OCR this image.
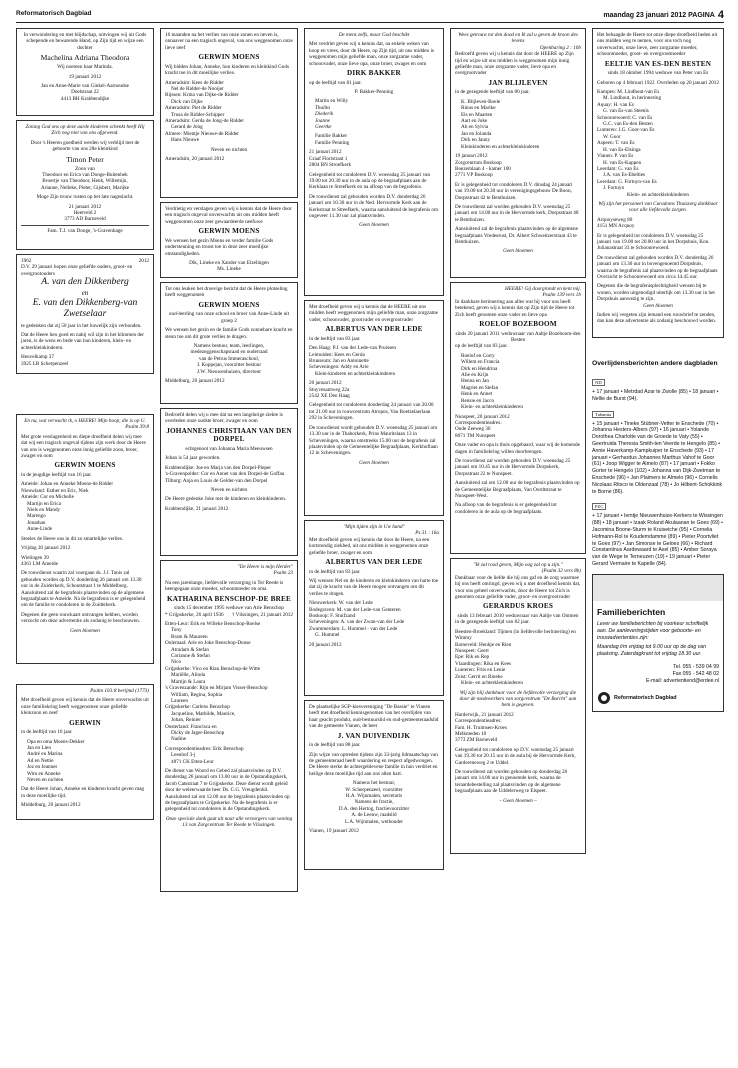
Reformatorisch Dagblad	maandag 23 januari 2012 PAGINA 4
In verwondering en met blijdschap, ontvingen wij uit Gods schepende en bewarende Hand, op Zijn tijd en wijze een dochter
Machelina Adriana Theodora
Wij noemen haar Marinda.
19 januari 2012
Jan en Anne-Marie van Ginkel-Aarnoudse
Doelstraat 22
4413 BH Krabbendijke
Zolang God ons op deze aarde kinderen schenkt heeft Hij Zich nog niet van ons afgewend.
Door 's Heeren goedheid werden wij verblijd met de geboorte van ons 28e kleinkind
Timon Peter
Zoon van
Theodoor en Erica van Donge-Buitenhek
Broertje van Theodoor, Henk, Willemijn,
Arianne, Nelleke, Pieter, Gijsbert, Marijke
Moge Zijn trouw rusten op het late nageslacht.
21 januari 2012
Heetveld 2
3773 AD Barneveld
Fam. T.J. van Donge, 's-Gravenhage
1962	2012
D.V. 29 januari hopen onze geliefde ouders, groot- en overgrootouders
A. van den Dikkenberg
en
E. van den Dikkenberg-van Zwetselaar
te gedenken dat zij 50 jaar in het huwelijk zijn verbonden.
Dat de Heere hen goed en nabij wil zijn in het klimmen der jaren, is de wens en bede van hun kinderen, klein- en achterkleinkinderen.
Heuvelkamp 37
3925 LB Scherpenzeel
En nu, wat verwacht ik, o HEERE! Mijn hoop, die is op U.
Psalm 39:8
Met grote verslagenheid en diepe droefheid delen wij mee dat wij een tragisch ongeval tijdens zijn werk door de Heere van ons is weggenomen onze innig geliefde zoon, broer, zwager en oom
GERWIN MOENS
in de jeugdige leeftijd van 16 jaar.
Ameide: Johan en Anneke Moens-de Ridder
Nieuwland: Esther en Eric, Niek
Ameide: Cor en Michelle
Martijn en Erica
Niels en Mandy
Marengo
Jonathan
Anne-Linde
Steeles de Heere ons in dit zo smartelijke verlies.
Vrijdag 20 januari 2012
Wielingen 39
4361 LM Ameide
De rouwdienst waarin zal voorgaan ds. J.J. Tanis zal gehouden worden op D.V. donderdag 26 januari om 13.30 uur in de Zuiderkerk, Schoutstraat 1 te Middelburg. Aansluitend zal de begrafenis plaatsvinden op de algemene begraafplaats te Ameide. Na de begrafenis is er gelegenheid om de familie te condoleren in de Zuiderkerk.
Degenen die geen rouwkaart ontvangen hebben, worden verzocht om deze advertentie als zodanig te beschouwen.
Geen bloemen
Psalm 103:8 berijmd (1773)
Met droefheid geven wij kennis dat de Heere onverwachts uit onze familiekring heeft weggenomen onze geliefde kleinzoon en neef
GERWIN
in de leeftijd van 16 jaar.
Opa en oma Moens-Dekker
Jan en Lien
André en Marina
Ad en Nettie
Joz en Jeannet
Wim en Anneke
Neven en nichten
Dat de Heere Johan, Anneke en kinderen kracht geven mag in deze moeilijke tijd.
Middelburg, 20 januari 2012
16 maanden na het verlies van onze zonen en neven is, onnaaver na een tragisch ongeval, van ons weggenomen onze lieve neef
GERWIN MOENS
Wij bidden Johan, Anneke, hun kinderen en kleinkind Gods kracht toe in dit moeilijke verlies.
Ameradsim: Kees de Ridder
Nel de Ridder-de Nooijer
Rijssen: Krina van Dijke-de Ridder
Dick van Dijke
Ameradsim: Piet de Ridder
Trusa de Ridder-Schipper
Ameradsim: Gerda de Jong-de Ridder
Gerard de Jong
Almere: Mientje Nieuwe-de Ridder
Hans Nieuwe
Neven en nichten
Ameradsim, 20 januari 2012
Verdrietig en verslagen geven wij u kennis dat de Heere door een tragisch ongeval onverwachts uit ons midden heeft weggenomen onze zeer gewaardeerde neefuwe
GERWIN MOENS
We wensen het gezin Moens en verder familie Gods ondersteuning en troost toe in deze zeer moeilijke omstandigheden.
Dik, Lineke en Xander van Elzelingen
Ms. Lineke
Tot ons leuken het droevige bericht dat de Heere plotseling heeft weggenomen
GERWIN MOENS
oud-leerling van onze school en broer van Anne-Linde uit groep 2
We wensen het gezin en de familie Gods zonnebare kracht en steun toe om dit grote verlies te dragen.
Namens bestuur, team, leerlingen,
medezeggenschapsraad en ouderraad
van de Petrus Immeraschool,
J. Koppejan, voorzitter bestuur
J.W. Nieuwenhuizen, directeur
Middelburg, 20 januari 2012
Bedroefd delen wij u mee dat na een langdurige ziekte is overleden onze oudste broer, zwager en oom
JOHANNES CHRISTIAAN VAN DEN DORPEL
echtgenoot van Johanna Maria Meeuwsen
Johan is 54 jaar geworden.
Krabbendijke: Joe en Marja van den Dorpel-Pieper
's-Gravenpolder: Cor en Annet van den Dorpel-de Goffau
Tilburg: Anja en Louis de Gelder-van den Dorpel
Neven en nichten
De Heere gedenke Joke met de kinderen en kleinkinderen.
Krabbendijke, 21 januari 2012
"De Heere is mijn Herder"
Psalm 23
Na een jarenlange, liefdevolle verzorging in Ter Reede is heengegaan onze moeder, schoonmoeder en oma
KATHARINA BENSCHOP-DE BREE
sinds 15 december 1995 weduwe van Arie Benschop
* Grijpskerke, 26 april 1936 † Vlissingen, 21 januari 2012
Etten-Leur: Erik en Willeke Benschop-Roelse
Tony
Bram & Maureen
Oolemaal: Arie en Joke Benschop-Donse
Atradam & Stefan
Corianne & Stefan
Nico
Grijpskerke: Vico en Rian Benschop-de Witte
Mariëlle, Alinda
Martijn & Laura
's Gravenzande: Rijn en Mirjam Visser-Benschop
William, Regina, Sophia
Laureen
Grijpskerke: Carlens Benschop
Jacqueline, Mathilde, Maurice,
Johan, Reinier
Oosterland: Francisca en
Dicky de Jager-Benschop
Nadine
Correspondentieadres: Erik Benschop
Leeuhof 3-j
4871 CK Etten-Leur
De dienst van Woord en Gebed zal plaatsvinden op D.V. donderdag 26 januari om 13.00 uur in de Opstandingskerk, Jacob Catsstraat 7 te Grijpskerke. Deze dienst wordt geleid door de weleerwaarde heer Ds. C.G. Vreugdenhil. Aansluitend zal om 12.00 uur de begrafenis plaatsvinden op de begraafplaats te Grijpskerke. Na de begrafenis is er gelegenheid tot condoleren in de Opstandingskerk.
Onze speciale dank gaat uit naar alle verzorgers van woning 13 van Zorgcentrum Ter Reede te Vlissingen.
De mens zelfs, maar God beschikt
Met verdriet geven wij u kennis dat, na enkele weken van hoop en vrees, door de Heere, op Zijn tijd, uit ons midden is weggenomen mijn geliefde man, onze zorgzame vader, schoonvader, onze lieve opa, onze broer, zwager en oom
DIRK BAKKER
op de leeftijd van 81 jaar.
P. Bakker-Penning
Martin en Willy
Thalita
Diederik
Joanne
Geertke
Familie Bakker
Familie Penning
21 januari 2012
Graaf Floristraat 1
2804 BN Stroefkerk
Gelegenheid tot condoleren D.V. woensdag 25 januari van 19.00 tot 20.30 uur in de aula op de begraafplaats aan de Kerklaan te Streefkerk en na afloop van de begrafenis.
De rouwdienst zal gehouden worden D.V. donderdag 26 januari om 10.30 uur in de Ned. Hervormde Kerk aan de Kerkstraat te Streefkerk, waarna aansluitend de begrafenis om ongeveer 11.30 uur zal plaatsvinden.
Geen bloemen
Met droefheid geven wij u kennis dat de HEERE uit ons midden heeft weggenomen mijn geliefde man, onze zorgzame vader, schoonvader, grootvader en overgrootvader
ALBERTUS VAN DER LEDE
in de leeftijd van 83 jaar.
Den Haag: P.J. van der Lede-van Pruissen
Leimuiden: Kees en Gerda
Brunssum: Jan en Antoinette
Scheveningen: Addy en Arie
Klein-kinderen en achterkleinkinderen
20 januari 2012
Stuyvesantweg 22a
2542 XE Den Haag
Gelegenheid tot condoleren donderdag 24 januari van 20.00 tot 21.00 uur in rouwcentrum Atropos, Van Boetzelaerlaan 292 in Scheveningen.
De rouwdienst wordt gehouden D.V. woensdag 25 januari om 13.30 uur in de Thaborkerk, Prins Mauritslaan 13 in Scheveningen, waarna omstreeks 15.00 uur de begrafenis zal plaatsvinden op de Gemeentelijke Begraafplaats, Kerkhoflaan 12 in Scheveningen.
Geen bloemen
"Mijn tijden zijn in Uw hand"
Ps 31 : 16a
Met droefheid geven wij kennis dat door de Heere, na een kortstondig ziekbed, uit ons midden is weggenomen onze geliefde broer, zwager en oom
ALBERTUS VAN DER LEDE
in de leeftijd van 83 jaar.
Wij wensen Nel en de kinderen en kleinkinderen van harte toe dat zij de kracht van de Heere mogen ontvangen om dit verlies te dragen.
Nieuwerkerk: W. van der Lede
Bodegraven: M. van der Lede-van Genteren
Boskoop: F. Stuifzand
Scheveningen: A. van der Zwan-van der Lede
Zwammerdam: L. Hummel - van der Lede
G. Hummel
20 januari 2012
De plaatselijke SGP-kiesvereniging "De Bassie" te Vianen heeft met droefheid kennisgenomen van het overlijden van haar geacht produkt, oud-bestuurslid en oud-gemeenteraadslid van de gemeente Vianen, de heer
J. VAN DUIVENDIJK
in de leeftijd van 88 jaar.
Zijn wijze van optreden tijdens zijn 33-jarig lidmaatschap van de gemeenteraad heeft waardering en respect afgedwongen. De Heere sterke de achtergeblevene familie in hun verdriet en heilige deze moeilijke tijd aan ons allen hart.
Namens het bestuur,
W. Scherpenzeel, voorzitter
H.A. Wijnmalen, secretaris
Namens de fractie,
D.A. den Hertog, fractievoorzitter
A. de Leeuw, raadslid
L.A. Wijnmalen, wethouder
Vianen, 19 januari 2012
Wees getrouw tot den dood en Ik zal u geven de kroon des levens
Openbaring 2 : 10b
Bedroefd geven wij u kennis dat door de HEERE op Zijn tijd en wijze uit ons midden is weggenomen mijn innig geliefde man, onze zorgzame vader, lieve opa en overgrootvader
JAN BLIJLEVEN
in de gezegende leeftijd van 80 jaar.
K. Blijleven-Boele
Rinus en Marike
Els en Maarten
Aart en Joke
Ab en Sylvia
Jan en Jolanda
Dirk en Janny
Kleinkinderen en achterkleinkinderen
19 januari 2012
Zorgcentrum Boskoop
Boezemlaan 4 - kamer 100
2771 VP Boskoop
Er is gelegenheid tot condoleren D.V. dinsdag 24 januari van 19.00 tot 20.30 uur in verenigingsgebouw De Boon, Dorpsstraat 42 te Benthuizen.
De rouwdienst zal worden gehouden D.V. woensdag 25 januari om 14.00 uur in de Hervormde kerk, Dorpsstraat 48 te Benthuizen.
Aansluitend zal de begrafenis plaatsvinden op de algemene begraafplaats Vredeerust, Dr. Albert Schweitzerstraat 43 te Benthuizen.
Geen bloemen
HEERE! Gij doorgrondt en kent mij.
Psalm 139 vers 1b
In dankbare herinnering aan alles wat hij voor ons heeft betekend, geven wij u kennis dat op Zijn tijd de Heere tot Zich heeft genomen onze vader en lieve opa
ROELOF BOZEBOOM
sinds 20 januari 2011 weduwnaar van Aaltje Bozeboom-den Besten
op de leeftijd van 83 jaar.
Roelof en Corry
Willem en Francia
Dirk en Hendrina
Alie en Krijn
Henna en Jan
Magriet en Stefan
Henk en Annet
Rensie en Jacco
Klein- en achterkleinkinderen
Nunspeet, 20 januari 2012
Correspondentieadres:
Oude Zeeweg 30
8071 TM Nunspeet
Onze vader en opa is thuis opgebaard, waar wij de komende dagen in familiekring willen doorbrengen.
De rouwdienst zal worden gehouden D.V. woensdag 25 januari om 10.45 uur in de Hervormde Dorpskerk, Dorpsstraat 22 te Nunspeet.
Aansluitend zal om 12.00 uur de begrafenis plaatsvinden op de Gemeentelijke Begraafplaats, Van Oordtstraat te Nunspeet-West.
Na afloop van de begrafenis is er gelegenheid tot condoleren in de aula op de begraafplaats.
"Ik zal rood geven, Mijn oog zal op u zijn."
(Psalm 32 vers 8b)
Dankbaar voor de liefde die hij ons gaf en de zorg waarmee hij ons heeft omringd, geven wij u met droefheid kennis dat, voor ons geheel onverwachts, door de Heere tot Zich is genomen onze geliefde vader, groot- en overgrootvader
GERARDUS KROES
sinds 13 februari 2010 weduwnaar van Aaltje van Ommen
in de gezegende leeftijd van 82 jaar.
Beesten-Broekland: Tijmen (in liefdevolle herinnering) en Wimmy
Barneveld: Henkje en Rien
Nunspeet: Geert
Epe: Rik en Rep
Vlaardingen: Rika en Kees
Lunteren: Frits en Lenie
Zeist: Gerrit en Rineke
Klein- en achterkleinkinderen
Wij zijn blij dankbaar voor de liefdevolle verzorging die door de medewerkers van zorgcentrum "De Burcht" aan hem is gegeven.
Harderwijk, 21 januari 2012
Correspondentieadres:
Fam. H. Truimsen-Kroes
Melkmeden 10
3773 ZM Barneveld
Gelegenheid tot condoleren op D.V. woensdag 25 januari van 19.30 tot 20.15 uur in de aula bij de Hervormde Kerk, Gardereneweg 2 te Uddel.
De rouwdienst zal worden gehouden op donderdag 26 januari om 14.00 uur in genoemde kerk, waarna de teraardebestelling zal plaatsvinden op de algemene begraafplaats aan de Uddelerweg te Elspeet.
– Geen bloemen –
Het behaagde de Heere tot onze diepe droefheid heden uit ons midden weg te nemen, voor ons toch nog onverwachts, onze lieve, zeer zorgzame moeder, schoonmoeder, groot- en overgrootmoeder
EELTJE VAN ES-DEN BESTEN
sinds 18 oktober 1994 weduwe van Peter van Es
Geboren op 4 februari 1922 Overleden op 20 januari 2012
Kampen: M. Lindhout-van Es
M. Lindhout, in herinnering
Aquay: H. van Es
G. van Es-van Steenis
Schoonrewoerd: C. van Es
G.C. van Es-den Besten
Lunteren: J.G. Goor-van Es
W. Goor
Aspeen: T. van Es
H. van Es-Elsinga
Vianen: P. van Es
H. van Es-Kappen
Leerdam: G. van Es
J.A. van Es-Ebelties
Leerdam: G. Fortuyn-van Es
J. Fortuyn
Klein- en achterkleinkinderen
Wij zijn het personeel van Curadoms Thuiszorg dankbaar voor alle liefdevolle zorgen.
Arquoyseweg 80
4151 MN Acquoy
Er is gelegenheid tot condoleren D.V. woensdag 25 januari van 19.00 tot 20.00 uur in het Dorpshuis, Kon. Julianastraat 33 te Schoonrewoerd.
De rouwdienst zal gehouden worden D.V. donderdag 26 januari om 13.30 uur in bovengenoemd Dorpshuis, waarna de begrafenis zal plaatsvinden op de begraafplaats Overzicht te Schoonrewoerd om circa 14.45 uur.
Degenen die de begrafenisplechtigheid wensen bij te wonen, worden uitgenodigd uiterlijk om 13.30 uur in het Dorpshuis aanwezig te zijn.
Geen bloemen
Indien wij vergeten zijn iemand een rouwbrief te zenden, dan kan deze advertentie als zodanig beschouwd worden.
Overlijdensberichten andere dagbladen
ND
+ 17 januari • Metrdad Azar te Zwolle (85) • 18 januari • Nellie de Burst (94).
Tubantia
+ 15 januari • Tineke Stübner-Vetter te Enschede (70) • Johanna Hesters-Albers (97) • 16 januari • Yolande Dorothea Charlotte van de Groede te Vaty (55) • Geertruida Theresia Smith-ten Veerde te Hengelo (85) • Annie Haverkamp-Kampkuiper te Enschede (93) • 17 januari • Gerhardus Johannes Marthus Vahof te Goor (61) • Joop Wigger te Almelo (87) • 17 januari • Fokko Gorter te Hengelo (102) • Johanna van Dijk-Zwetman te Enschede (96) • Jan Plaimers te Almelo (96) • Cornelis Nicolaas Ritsco te Oldenzaal (78) • Jo Hilbent-Schokkink te Borne (86).
PZC
+ 17 januari • Iemtje Nieuwenhuize-Kerkers te Wissingen (88) • 18 januari • Izaak Roland Akulaanan te Goes (69) • Jacomina Boone-Sturm te Kruiseiche (95) • Cornelia Hofmann-Rol te Koudemdamme (89) • Pieter Poortvliet te Goes (97) • Jan Simonse te Geloes (66) • Richard Constantinus Aardewaard te Axel (85) • Amber Soraya van de Wege te Terneuzen (19) • 19 januari • Pieter Gerard Vermaire te Kapelle (84).
Familieberichten

Lever uw familieberichten bij voorkeur schriftelijk aan. De aanleveringstijden voor geboorte- en trouwadvertenties zijn:

Maandag t/m vrijdag tot 9.00 uur op de dag van plaatsing. Zaterdagkrant tot vrijdag 18.30 uur.

Tel. 055 - 539 04 99
Fax 055 - 542 48 02
E-mail: advertentiend@erdee.nl
Reformatorisch Dagblad
